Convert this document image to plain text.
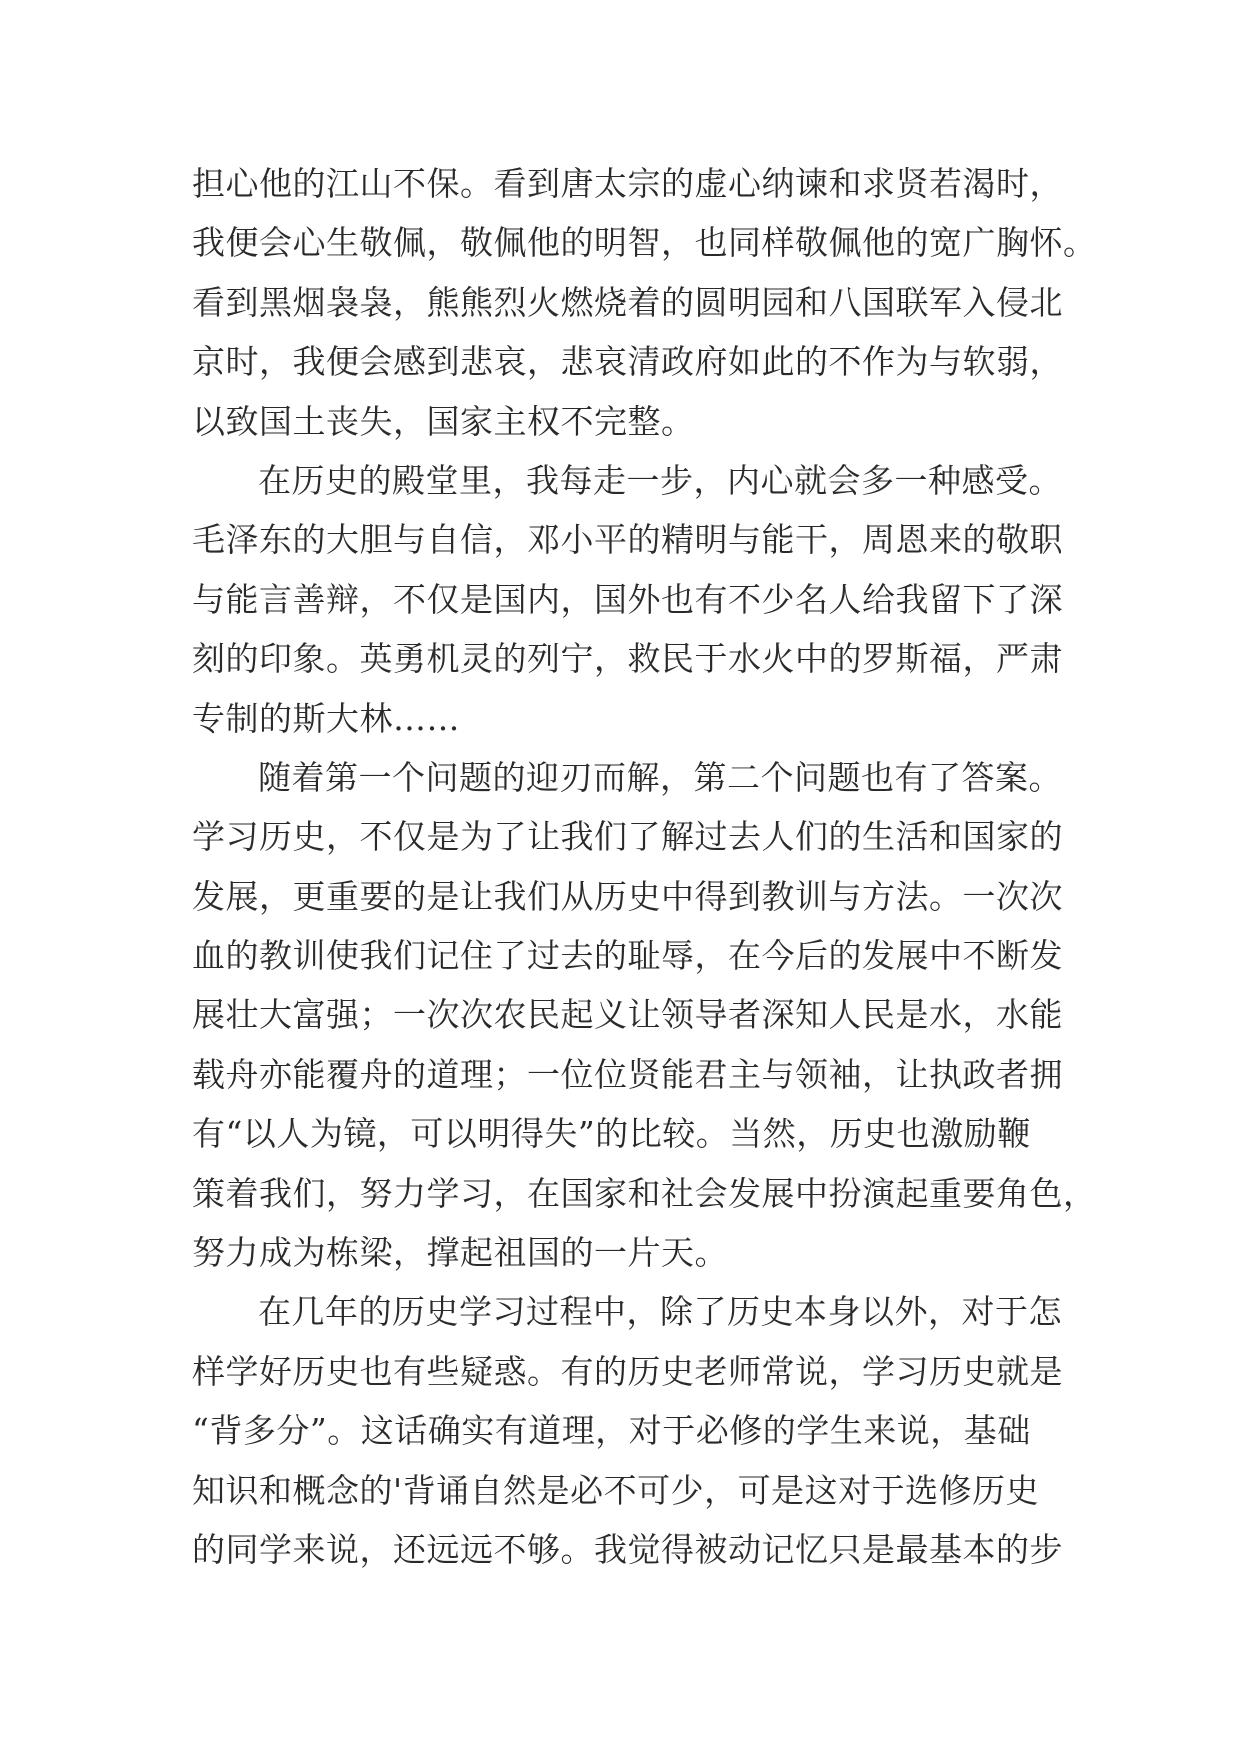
担心他的江山不保。看到唐太宗的虚心纳谏和求贤若渴时，
我便会心生敬佩，敬佩他的明智，也同样敬佩他的宽广胸怀。
看到黑烟袅袅，熊熊烈火燃烧着的圆明园和八国联军入侵北
京时，我便会感到悲哀，悲哀清政府如此的不作为与软弱，
以致国土丧失，国家主权不完整。
在历史的殿堂里，我每走一步，内心就会多一种感受。
毛泽东的大胆与自信，邓小平的精明与能干，周恩来的敬职
与能言善辩，不仅是国内，国外也有不少名人给我留下了深
刻的印象。英勇机灵的列宁，救民于水火中的罗斯福，严肃
专制的斯大林……
随着第一个问题的迎刃而解，第二个问题也有了答案。
学习历史，不仅是为了让我们了解过去人们的生活和国家的
发展，更重要的是让我们从历史中得到教训与方法。一次次
血的教训使我们记住了过去的耻辱，在今后的发展中不断发
展壮大富强；一次次农民起义让领导者深知人民是水，水能
载舟亦能覆舟的道理；一位位贤能君主与领袖，让执政者拥
有“以人为镜，可以明得失”的比较。当然，历史也激励鞭
策着我们，努力学习，在国家和社会发展中扮演起重要角色，
努力成为栋梁，撑起祖国的一片天。
在几年的历史学习过程中，除了历史本身以外，对于怎
样学好历史也有些疑惑。有的历史老师常说，学习历史就是
“背多分”。这话确实有道理，对于必修的学生来说，基础
知识和概念的'背诵自然是必不可少，可是这对于选修历史
的同学来说，还远远不够。我觉得被动记忆只是最基本的步
